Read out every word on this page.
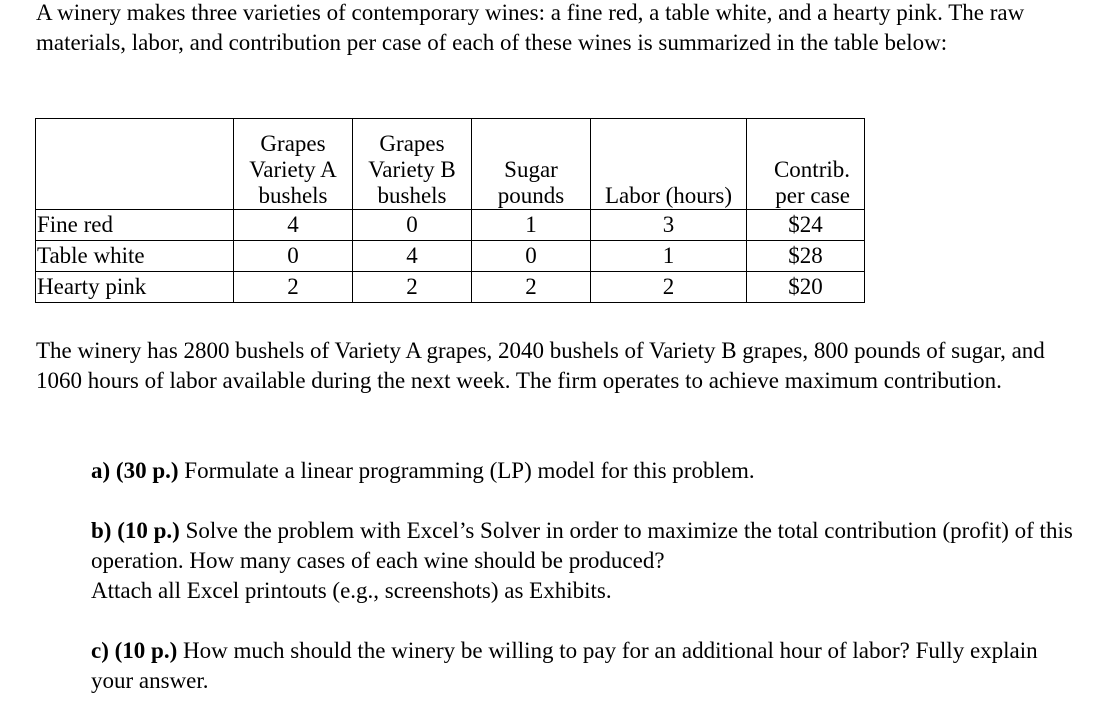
A winery makes three varieties of contemporary wines: a fine red, a table white, and a hearty pink. The raw materials, labor, and contribution per case of each of these wines is summarized in the table below:

	Grapes
Variety A
bushels	Grapes
Variety B
bushels	Sugar
pounds	Labor (hours)	Contrib.
per case

Fine red	4	0	1	3	$24
Table white	0	4	0	1	$28
Hearty pink	2	2	2	2	$20

The winery has 2800 bushels of Variety A grapes, 2040 bushels of Variety B grapes, 800 pounds of sugar, and 1060 hours of labor available during the next week. The firm operates to achieve maximum contribution.

a) (30 p.) Formulate a linear programming (LP) model for this problem.

b) (10 p.) Solve the problem with Excel’s Solver in order to maximize the total contribution (profit) of this operation. How many cases of each wine should be produced?
Attach all Excel printouts (e.g., screenshots) as Exhibits.

c) (10 p.) How much should the winery be willing to pay for an additional hour of labor? Fully explain your answer.
